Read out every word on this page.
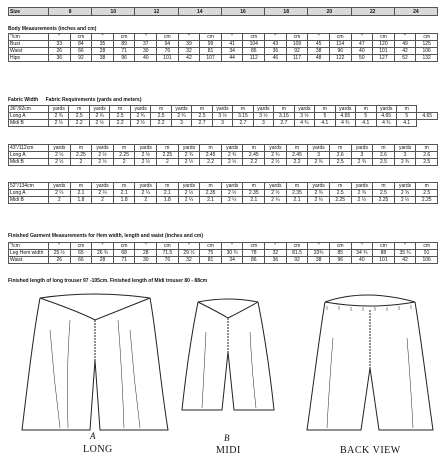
Size	8	10	12	14	16	18	20	22	24
Body Measurements (inches and cm)
"/cm	"	cm	"	cm	"	cm	"	cm	"	cm	"	cm	"	cm	"	cm	"	cm
Bust	33	84	35	89	37	94	39	99	41	104	43	109	45	114	47	120	49	125
Waist	26	66	28	71	30	76	32	81	34	86	36	92	38	96	40	101	42	106
Hips	36	92	38	96	40	101	42	107	44	112	46	117	48	122	50	127	52	132
Fabric Width Fabric Requirements (yards and meters)
36"/92cm	yards	m	yards	m	yards	m	yards	m	yards	m	yards	m	yards	m	yards	m	yards	m	
Long A	2 ¾	2.5	2 ¾	2.5	2 ¾	2.5	2 ¾	2.5	3 ½	3.15	3 ½	3.15	3 ½	5	4.65	5	4.65	5	4.65
Midi B	2 ½	2.2	2 ½	2.2	2 ½	2.2	3	2.7	3	2.7	3	2.7	4 ¾	4.1	4 ¾	4.1	4 ¾	4.1	
43"/112cm	yards	m	yards	m	yards	m	yards	m	yards	m	yards	m	yards	m	yards	m	yards	m
Long A	2 ½	2.25	2 ½	2.25	2 ½	2.25	2 ¾	2.45	2 ¾	2.45	2 ¾	2.45	3	2.6	3	2.6	3	2.6
Midi B	2 ½	2	2 ½	2	2 ½	2	2 ½	2.2	2 ½	2.2	2 ½	2.2	2 ¾	2.5	2 ¾	2.5	2 ¾	2.5
52"/134cm	yards	m	yards	m	yards	m	yards	m	yards	m	yards	m	yards	m	yards	m	yards	m
Long A	2 ¼	2.1	2 ¼	2.1	2 ¼	2.1	2 ½	2.35	2 ½	2.35	2 ½	2.35	2 ¾	2.5	2 ¾	2.5	2 ¾	2.5
Midi B	2	1.8	2	1.8	2	1.8	2 ¼	2.1	2 ¼	2.1	2 ¼	2.1	2 ½	2.25	2 ½	2.25	2 ½	2.25
Finished Garment Measurements for Hem width, length and waist (inches and cm)
"/cm	"	cm	"	cm	"	cm	"	cm	"	cm	"	cm	"	cm	"	cm	"	cm
Leg Hem width	25 ½	65	26 ¾	68	28	71.5	29 ½	75	30 ¾	78	32	81.5	33¾	85	34 ¾	88	35 ¾	91
Waist	26	66	28	71	30	76	32	81	34	86	36	92	38	96	40	101	42	106
Finished length of long trouser 97 -105cm. Finished length of Midi trouser 80 - 88cm
A
LONG
B
MIDI	BACK VIEW
